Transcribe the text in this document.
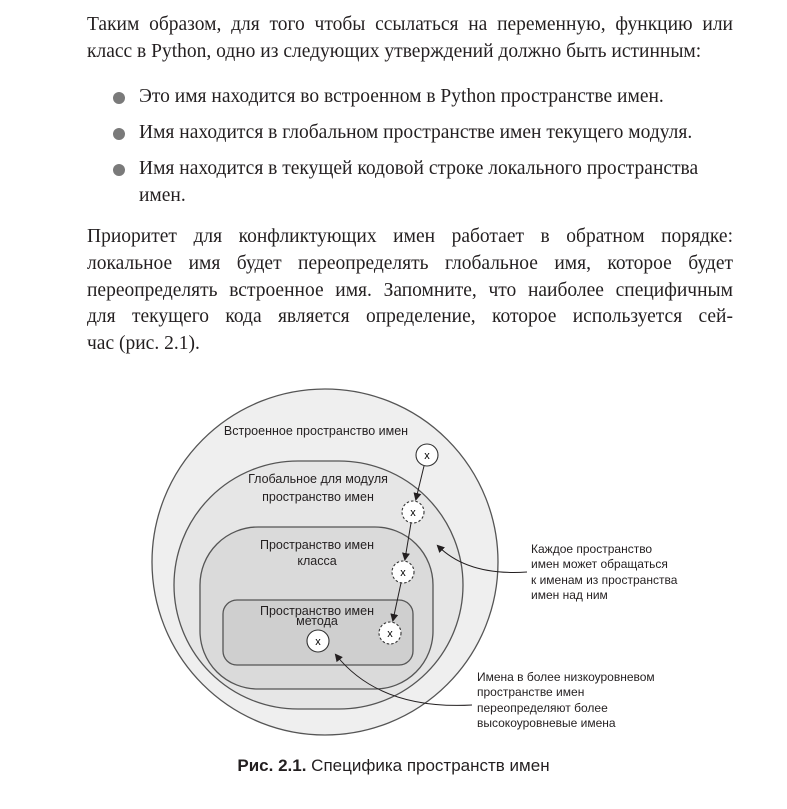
Таким образом, для того чтобы ссылаться на переменную, функцию или
класс в Python, одно из следующих утверждений должно быть истинным:

Это имя находится во встроенном в Python пространстве имен.
Имя находится в глобальном пространстве имен текущего модуля.
Имя находится в текущей кодовой строке локального пространства имен.

Приоритет для конфликтующих имен работает в обратном порядке:
локальное имя будет переопределять глобальное имя, которое будет
переопределять встроенное имя. Запомните, что наиболее специфичным
для текущего кода является определение, которое используется сей-
час (рис. 2.1).

Встроенное пространство имен
Глобальное для модуля
пространство имен
Пространство имен
класса
Пространство имен
метода
x
x
x
x
x
Каждое пространство
имен может обращаться
к именам из пространства
имен над ним
Имена в более низкоуровневом
пространстве имен
переопределяют более
высокоуровневые имена
Рис. 2.1. Специфика пространств имен
